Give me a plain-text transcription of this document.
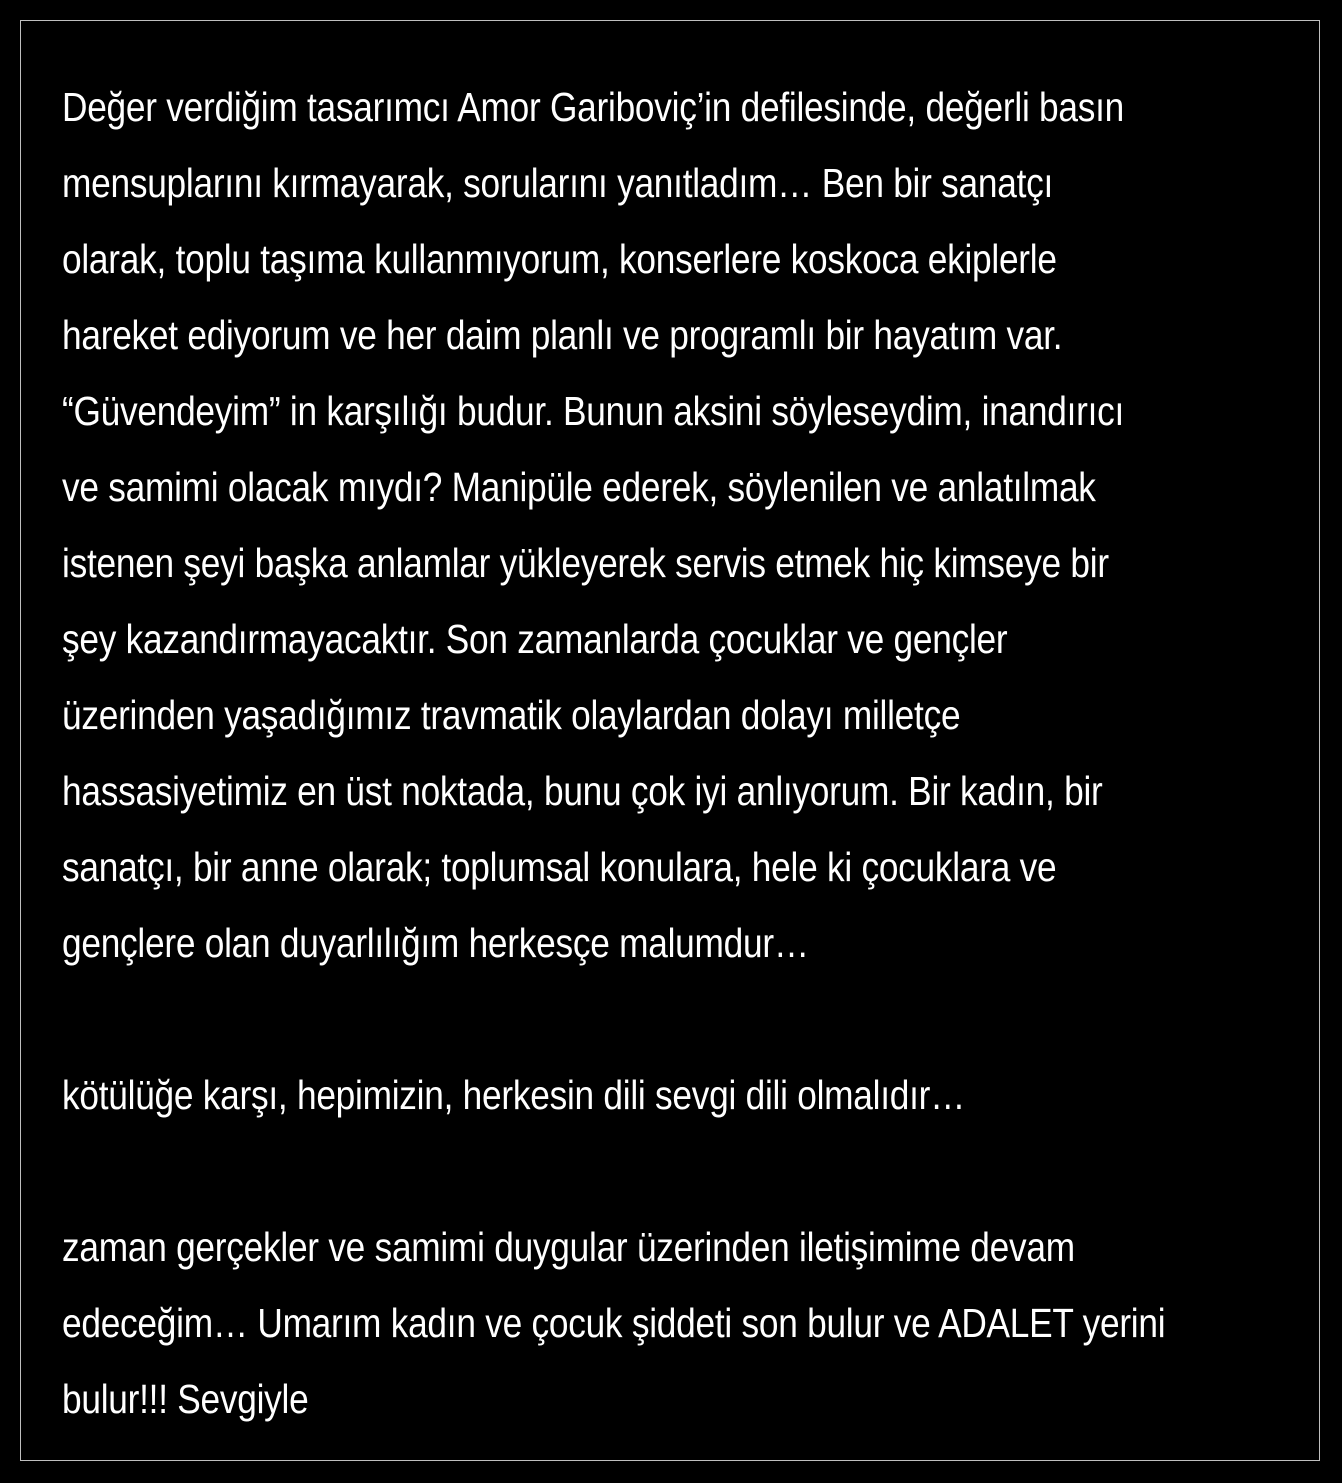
Değer verdiğim tasarımcı Amor Gariboviç’in defilesinde, değerli basın
mensuplarını kırmayarak, sorularını yanıtladım… Ben bir sanatçı
olarak, toplu taşıma kullanmıyorum, konserlere koskoca ekiplerle
hareket ediyorum ve her daim planlı ve programlı bir hayatım var.
“Güvendeyim” in karşılığı budur. Bunun aksini söyleseydim, inandırıcı
ve samimi olacak mıydı? Manipüle ederek, söylenilen ve anlatılmak
istenen şeyi başka anlamlar yükleyerek servis etmek hiç kimseye bir
şey kazandırmayacaktır. Son zamanlarda çocuklar ve gençler
üzerinden yaşadığımız travmatik olaylardan dolayı milletçe
hassasiyetimiz en üst noktada, bunu çok iyi anlıyorum. Bir kadın, bir
sanatçı, bir anne olarak; toplumsal konulara, hele ki çocuklara ve
gençlere olan duyarlılığım herkesçe malumdur…
kötülüğe karşı, hepimizin, herkesin dili sevgi dili olmalıdır…
zaman gerçekler ve samimi duygular üzerinden iletişimime devam
edeceğim… Umarım kadın ve çocuk şiddeti son bulur ve ADALET yerini
bulur!!! Sevgiyle
